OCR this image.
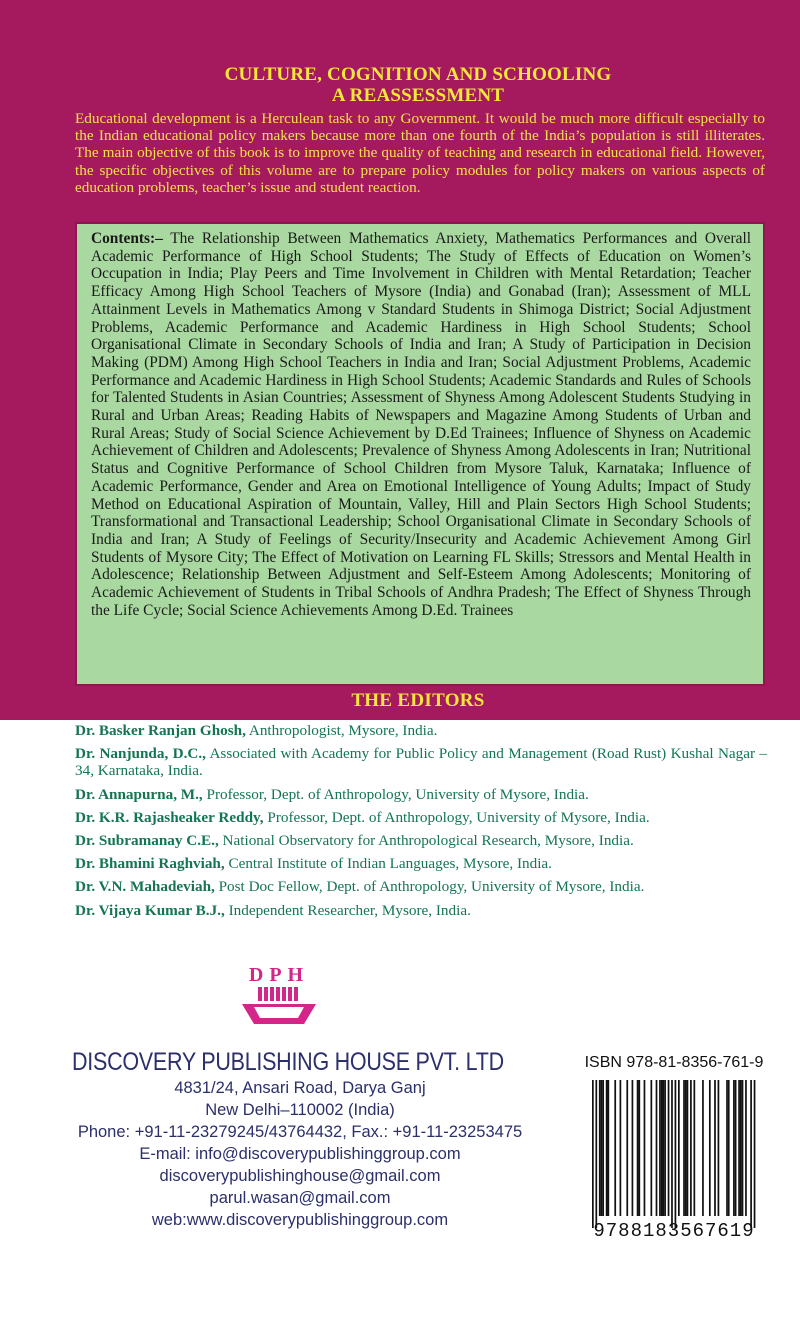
CULTURE, COGNITION AND SCHOOLING
A REASSESSMENT

Educational development is a Herculean task to any Government. It would be much more difficult especially to the Indian educational policy makers because more than one fourth of the India’s population is still illiterates. The main objective of this book is to improve the quality of teaching and research in educational field. However, the specific objectives of this volume are to prepare policy modules for policy makers on various aspects of education problems, teacher’s issue and student reaction.

Contents:– The Relationship Between Mathematics Anxiety, Mathematics Performances and Overall Academic Performance of High School Students; The Study of Effects of Education on Women’s Occupation in India; Play Peers and Time Involvement in Children with Mental Retardation; Teacher Efficacy Among High School Teachers of Mysore (India) and Gonabad (Iran); Assessment of MLL Attainment Levels in Mathematics Among v Standard Students in Shimoga District; Social Adjustment Problems, Academic Performance and Academic Hardiness in High School Students; School Organisational Climate in Secondary Schools of India and Iran; A Study of Participation in Decision Making (PDM) Among High School Teachers in India and Iran; Social Adjustment Problems, Academic Performance and Academic Hardiness in High School Students; Academic Standards and Rules of Schools for Talented Students in Asian Countries; Assessment of Shyness Among Adolescent Students Studying in Rural and Urban Areas; Reading Habits of Newspapers and Magazine Among Students of Urban and Rural Areas; Study of Social Science Achievement by D.Ed Trainees; Influence of Shyness on Academic Achievement of Children and Adolescents; Prevalence of Shyness Among Adolescents in Iran; Nutritional Status and Cognitive Performance of School Children from Mysore Taluk, Karnataka; Influence of Academic Performance, Gender and Area on Emotional Intelligence of Young Adults; Impact of Study Method on Educational Aspiration of Mountain, Valley, Hill and Plain Sectors High School Students; Transformational and Transactional Leadership; School Organisational Climate in Secondary Schools of India and Iran; A Study of Feelings of Security/Insecurity and Academic Achievement Among Girl Students of Mysore City; The Effect of Motivation on Learning FL Skills; Stressors and Mental Health in Adolescence; Relationship Between Adjustment and Self-Esteem Among Adolescents; Monitoring of Academic Achievement of Students in Tribal Schools of Andhra Pradesh; The Effect of Shyness Through the Life Cycle; Social Science Achievements Among D.Ed. Trainees

THE EDITORS

Dr. Basker Ranjan Ghosh, Anthropologist, Mysore, India.

Dr. Nanjunda, D.C., Associated with Academy for Public Policy and Management (Road Rust) Kushal Nagar – 34, Karnataka, India.

Dr. Annapurna, M., Professor, Dept. of Anthropology, University of Mysore, India.

Dr. K.R. Rajasheaker Reddy, Professor, Dept. of Anthropology, University of Mysore, India.

Dr. Subramanay C.E., National Observatory for Anthropological Research, Mysore, India.

Dr. Bhamini Raghviah, Central Institute of Indian Languages, Mysore, India.

Dr. V.N. Mahadeviah, Post Doc Fellow, Dept. of Anthropology, University of Mysore, India.

Dr. Vijaya Kumar B.J., Independent Researcher, Mysore, India.

DPH
DISCOVERY PUBLISHING HOUSE PVT. LTD
4831/24, Ansari Road, Darya Ganj
New Delhi–110002 (India)
Phone: +91-11-23279245/43764432, Fax.: +91-11-23253475
E-mail: info@discoverypublishinggroup.com
discoverypublishinghouse@gmail.com
parul.wasan@gmail.com
web:www.discoverypublishinggroup.com
ISBN 978-81-8356-761-9
9788183567619
